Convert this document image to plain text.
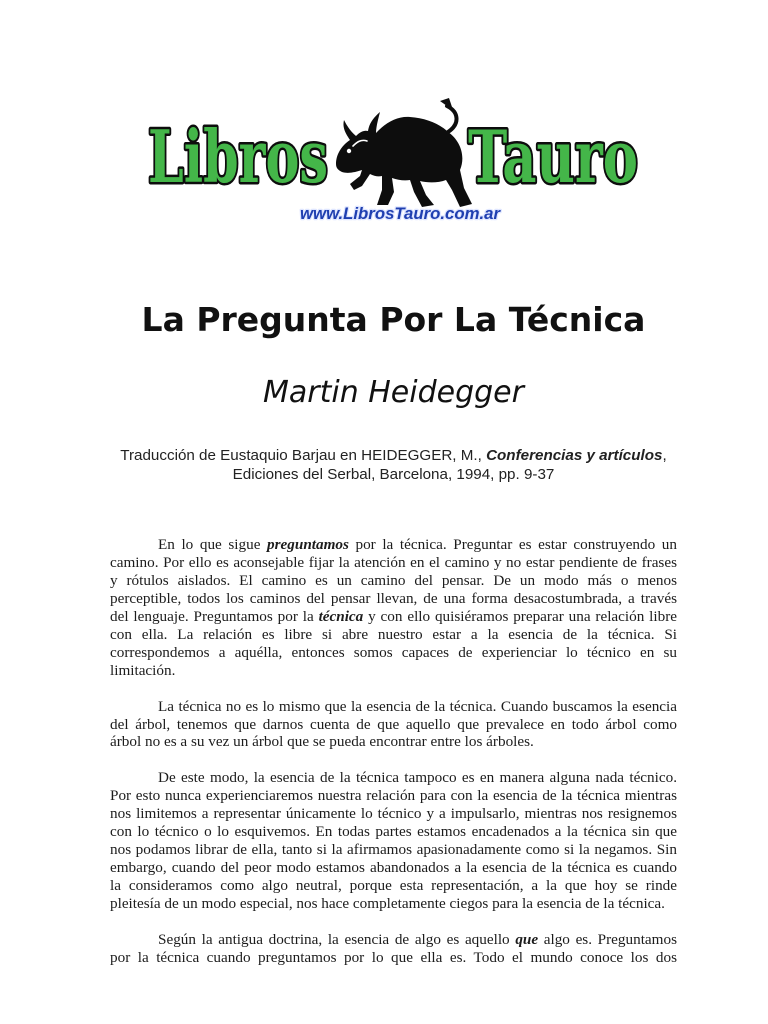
Libros Tauro
www.LibrosTauro.com.ar
La Pregunta Por La Técnica
Martin Heidegger
Traducción de Eustaquio Barjau en HEIDEGGER, M., Conferencias y artículos,
Ediciones del Serbal, Barcelona, 1994, pp. 9-37
En lo que sigue preguntamos por la técnica. Preguntar es estar construyendo un
camino. Por ello es aconsejable fijar la atención en el camino y no estar pendiente de frases
y rótulos aislados. El camino es un camino del pensar. De un modo más o menos
perceptible, todos los caminos del pensar llevan, de una forma desacostumbrada, a través
del lenguaje. Preguntamos por la técnica y con ello quisiéramos preparar una relación libre
con ella. La relación es libre si abre nuestro estar a la esencia de la técnica. Si
correspondemos a aquélla, entonces somos capaces de experienciar lo técnico en su
limitación.
La técnica no es lo mismo que la esencia de la técnica. Cuando buscamos la esencia
del árbol, tenemos que darnos cuenta de que aquello que prevalece en todo árbol como
árbol no es a su vez un árbol que se pueda encontrar entre los árboles.
De este modo, la esencia de la técnica tampoco es en manera alguna nada técnico.
Por esto nunca experienciaremos nuestra relación para con la esencia de la técnica mientras
nos limitemos a representar únicamente lo técnico y a impulsarlo, mientras nos resignemos
con lo técnico o lo esquivemos. En todas partes estamos encadenados a la técnica sin que
nos podamos librar de ella, tanto si la afirmamos apasionadamente como si la negamos. Sin
embargo, cuando del peor modo estamos abandonados a la esencia de la técnica es cuando
la consideramos como algo neutral, porque esta representación, a la que hoy se rinde
pleitesía de un modo especial, nos hace completamente ciegos para la esencia de la técnica.
Según la antigua doctrina, la esencia de algo es aquello que algo es. Preguntamos
por la técnica cuando preguntamos por lo que ella es. Todo el mundo conoce los dos
